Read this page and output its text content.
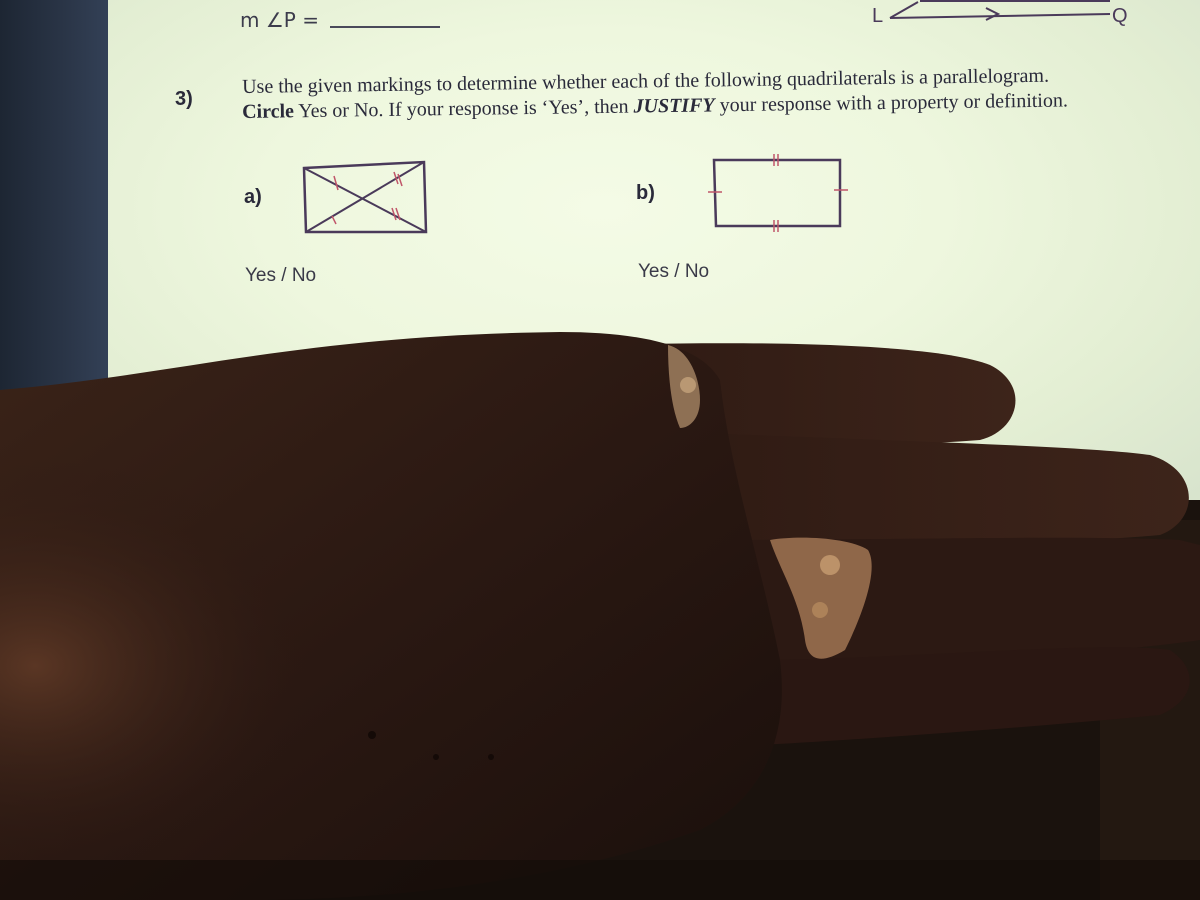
L	Q
m ∠P =
3)
Use the given markings to determine whether each of the following quadrilaterals is a parallelogram.
Circle Yes or No. If your response is ‘Yes’, then JUSTIFY your response with a property or definition.
a)	b)
Yes / No	Yes / No
